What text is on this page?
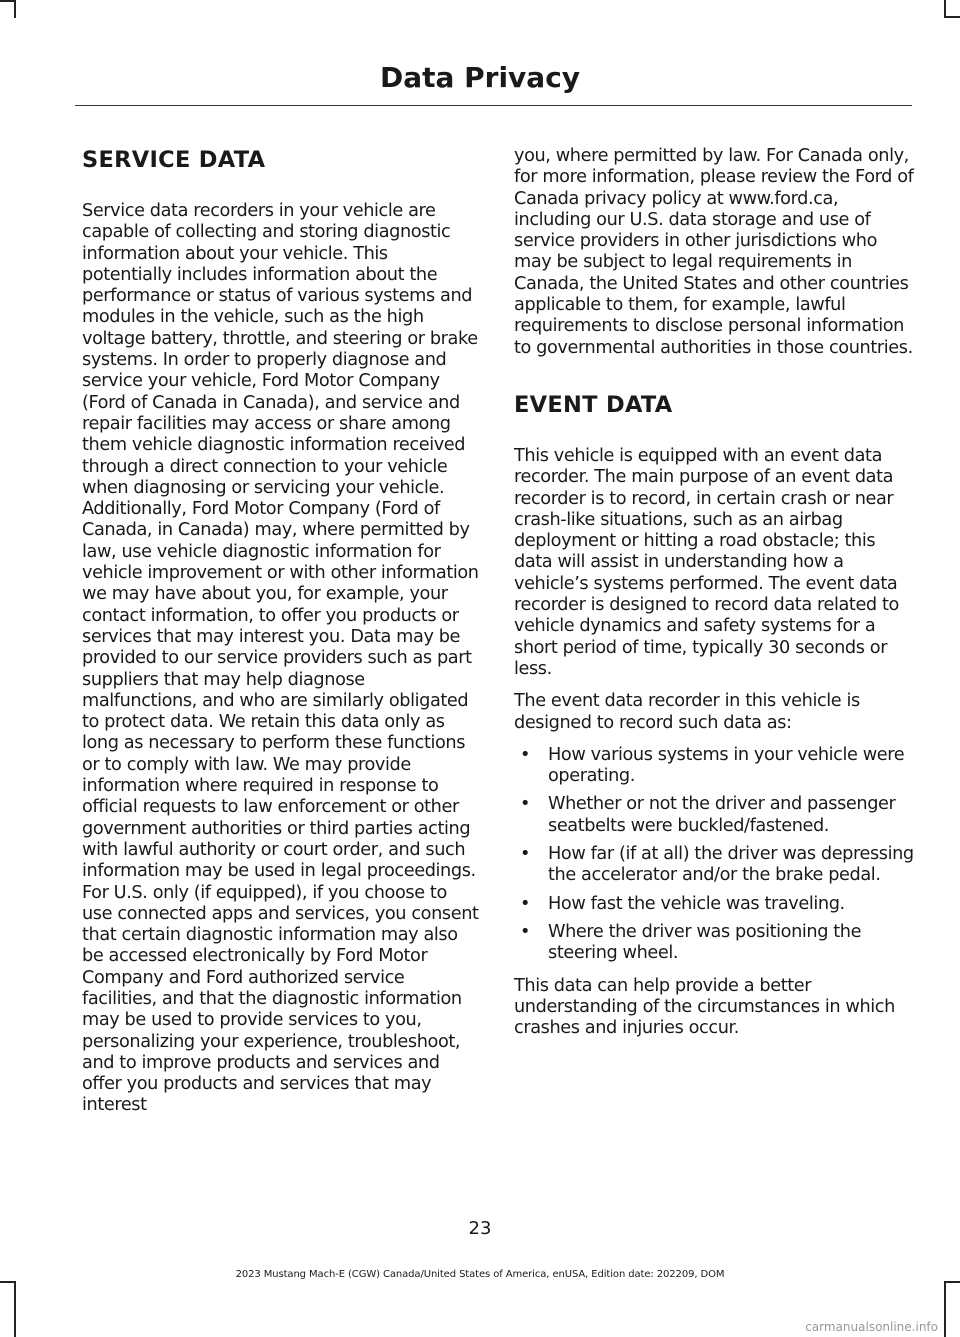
Data Privacy
SERVICE DATA

Service data recorders in your vehicle are capable of collecting and storing diagnostic information about your vehicle. This potentially includes information about the performance or status of various systems and modules in the vehicle, such as the high voltage battery, throttle, and steering or brake systems. In order to properly diagnose and service your vehicle, Ford Motor Company (Ford of Canada in Canada), and service and repair facilities may access or share among them vehicle diagnostic information received through a direct connection to your vehicle when diagnosing or servicing your vehicle. Additionally, Ford Motor Company (Ford of Canada, in Canada) may, where permitted by law, use vehicle diagnostic information for vehicle improvement or with other information we may have about you, for example, your contact information, to offer you products or services that may interest you. Data may be provided to our service providers such as part suppliers that may help diagnose malfunctions, and who are similarly obligated to protect data. We retain this data only as long as necessary to perform these functions or to comply with law. We may provide information where required in response to official requests to law enforcement or other government authorities or third parties acting with lawful authority or court order, and such information may be used in legal proceedings. For U.S. only (if equipped), if you choose to use connected apps and services, you consent that certain diagnostic information may also be accessed electronically by Ford Motor Company and Ford authorized service facilities, and that the diagnostic information may be used to provide services to you, personalizing your experience, troubleshoot, and to improve products and services and offer you products and services that may interest

you, where permitted by law. For Canada only, for more information, please review the Ford of Canada privacy policy at www.ford.ca, including our U.S. data storage and use of service providers in other jurisdictions who may be subject to legal requirements in Canada, the United States and other countries applicable to them, for example, lawful requirements to disclose personal information to governmental authorities in those countries.

EVENT DATA

This vehicle is equipped with an event data recorder. The main purpose of an event data recorder is to record, in certain crash or near crash-like situations, such as an airbag deployment or hitting a road obstacle; this data will assist in understanding how a vehicle’s systems performed. The event data recorder is designed to record data related to vehicle dynamics and safety systems for a short period of time, typically 30 seconds or less.

The event data recorder in this vehicle is designed to record such data as:

• How various systems in your vehicle were operating.
• Whether or not the driver and passenger seatbelts were buckled/fastened.
• How far (if at all) the driver was depressing the accelerator and/or the brake pedal.
• How fast the vehicle was traveling.
• Where the driver was positioning the steering wheel.

This data can help provide a better understanding of the circumstances in which crashes and injuries occur.

23
2023 Mustang Mach-E (CGW) Canada/United States of America, enUSA, Edition date: 202209, DOM
carmanualsonline.info
